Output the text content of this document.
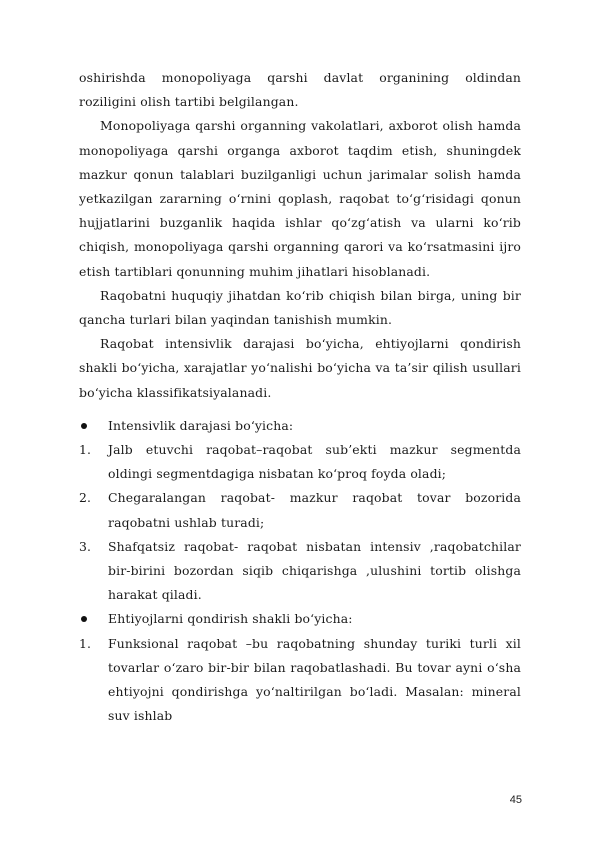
oshirishda monopoliyaga qarshi davlat organining oldindan roziligini olish tartibi belgilangan.

Monopoliyaga qarshi organning vakolatlari, axborot olish hamda monopoliyaga qarshi organga axborot taqdim etish, shuningdek mazkur qonun talablari buzilganligi uchun jarimalar solish hamda yetkazilgan zararning o‘rnini qoplash, raqobat to‘g‘risidagi qonun hujjatlarini buzganlik haqida ishlar qo‘zg‘atish va ularni ko‘rib chiqish, monopoliyaga qarshi organning qarori va ko‘rsatmasini ijro etish tartiblari qonunning muhim jihatlari hisoblanadi.

Raqobatni huquqiy jihatdan ko‘rib chiqish bilan birga, uning bir qancha turlari bilan yaqindan tanishish mumkin.

Raqobat intensivlik darajasi bo‘yicha, ehtiyojlarni qondirish shakli bo‘yicha, xarajatlar yo‘nalishi bo‘yicha va ta’sir qilish usullari bo‘yicha klassifikatsiyalanadi.

Intensivlik darajasi bo‘yicha:
1. Jalb etuvchi raqobat–raqobat sub’ekti mazkur segmentda oldingi segmentdagiga nisbatan ko‘proq foyda oladi;
2. Chegaralangan raqobat- mazkur raqobat tovar bozorida raqobatni ushlab turadi;
3. Shafqatsiz raqobat- raqobat nisbatan intensiv ,raqobatchilar bir-birini bozordan siqib chiqarishga ,ulushini tortib olishga harakat qiladi.
Ehtiyojlarni qondirish shakli bo‘yicha:
1. Funksional raqobat –bu raqobatning shunday turiki turli xil tovarlar o‘zaro bir-bir bilan raqobatlashadi. Bu tovar ayni o‘sha ehtiyojni qondirishga yo‘naltirilgan bo‘ladi. Masalan: mineral suv ishlab
45
